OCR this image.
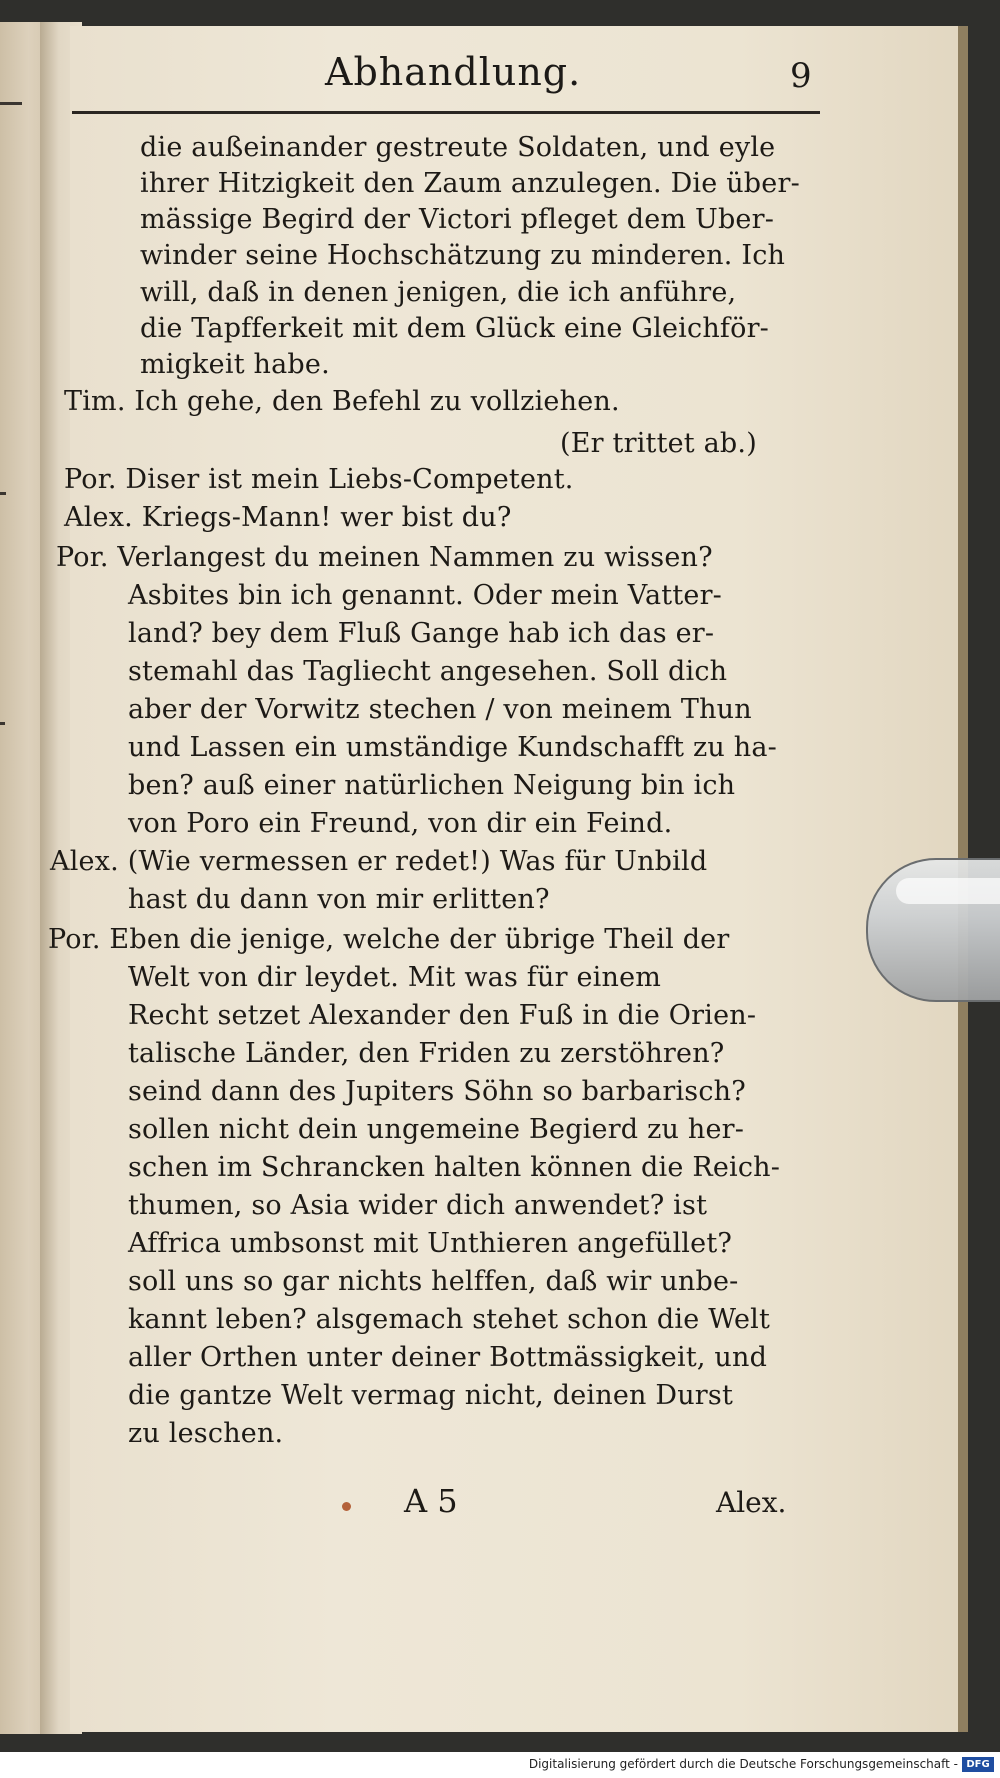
Abhandlung.	9
die außeinander gestreute Soldaten, und eyle
ihrer Hitzigkeit den Zaum anzulegen. Die über-
mässige Begird der Victori pfleget dem Uber-
winder seine Hochschätzung zu minderen. Ich
will, daß in denen jenigen, die ich anführe,
die Tapfferkeit mit dem Glück eine Gleichför-
migkeit habe.
Tim. Ich gehe, den Befehl zu vollziehen.
(Er trittet ab.)
Por. Diser ist mein Liebs-Competent.
Alex. Kriegs-Mann! wer bist du?
Por. Verlangest du meinen Nammen zu wissen?
Asbites bin ich genannt. Oder mein Vatter-
land? bey dem Fluß Gange hab ich das er-
stemahl das Tagliecht angesehen. Soll dich
aber der Vorwitz stechen / von meinem Thun
und Lassen ein umständige Kundschafft zu ha-
ben? auß einer natürlichen Neigung bin ich
von Poro ein Freund, von dir ein Feind.
Alex. (Wie vermessen er redet!) Was für Unbild
hast du dann von mir erlitten?
Por. Eben die jenige, welche der übrige Theil der
Welt von dir leydet. Mit was für einem
Recht setzet Alexander den Fuß in die Orien-
talische Länder, den Friden zu zerstöhren?
seind dann des Jupiters Söhn so barbarisch?
sollen nicht dein ungemeine Begierd zu her-
schen im Schrancken halten können die Reich-
thumen, so Asia wider dich anwendet? ist
Affrica umbsonst mit Unthieren angefüllet?
soll uns so gar nichts helffen, daß wir unbe-
kannt leben? alsgemach stehet schon die Welt
aller Orthen unter deiner Bottmässigkeit, und
die gantze Welt vermag nicht, deinen Durst
zu leschen.
A 5	Alex.
Digitalisierung gefördert durch die Deutsche Forschungsgemeinschaft - DFG
